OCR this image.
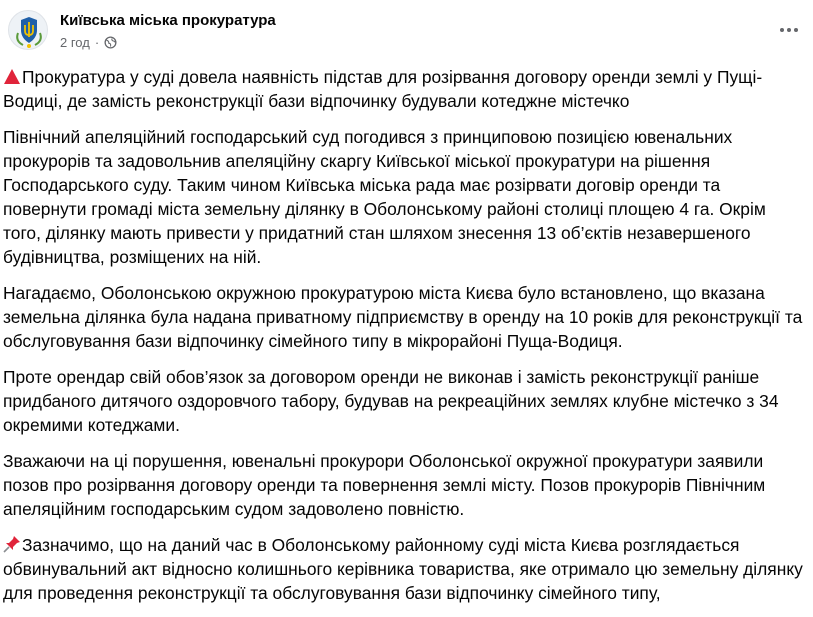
Київська міська прокуратура
2 год ·

Прокуратура у суді довела наявність підстав для розірвання договору оренди землі у Пущі-Водиці, де замість реконструкції бази відпочинку будували котеджне містечко

Північний апеляційний господарський суд погодився з принциповою позицією ювенальних прокурорів та задовольнив апеляційну скаргу Київської міської прокуратури на рішення Господарського суду. Таким чином Київська міська рада має розірвати договір оренди та повернути громаді міста земельну ділянку в Оболонському районі столиці площею 4 га. Окрім того, ділянку мають привести у придатний стан шляхом знесення 13 об’єктів незавершеного будівництва, розміщених на ній.

Нагадаємо, Оболонською окружною прокуратурою міста Києва було встановлено, що вказана земельна ділянка була надана приватному підприємству в оренду на 10 років для реконструкції та обслуговування бази відпочинку сімейного типу в мікрорайоні Пуща-Водиця.

Проте орендар свій обов’язок за договором оренди не виконав і замість реконструкції раніше придбаного дитячого оздоровчого табору, будував на рекреаційних землях клубне містечко з 34 окремими котеджами.

Зважаючи на ці порушення, ювенальні прокурори Оболонської окружної прокуратури заявили позов про розірвання договору оренди та повернення землі місту. Позов прокурорів Північним апеляційним господарським судом задоволено повністю.

Зазначимо, що на даний час в Оболонському районному суді міста Києва розглядається обвинувальний акт відносно колишнього керівника товариства, яке отримало цю земельну ділянку для проведення реконструкції та обслуговування бази відпочинку сімейного типу,
